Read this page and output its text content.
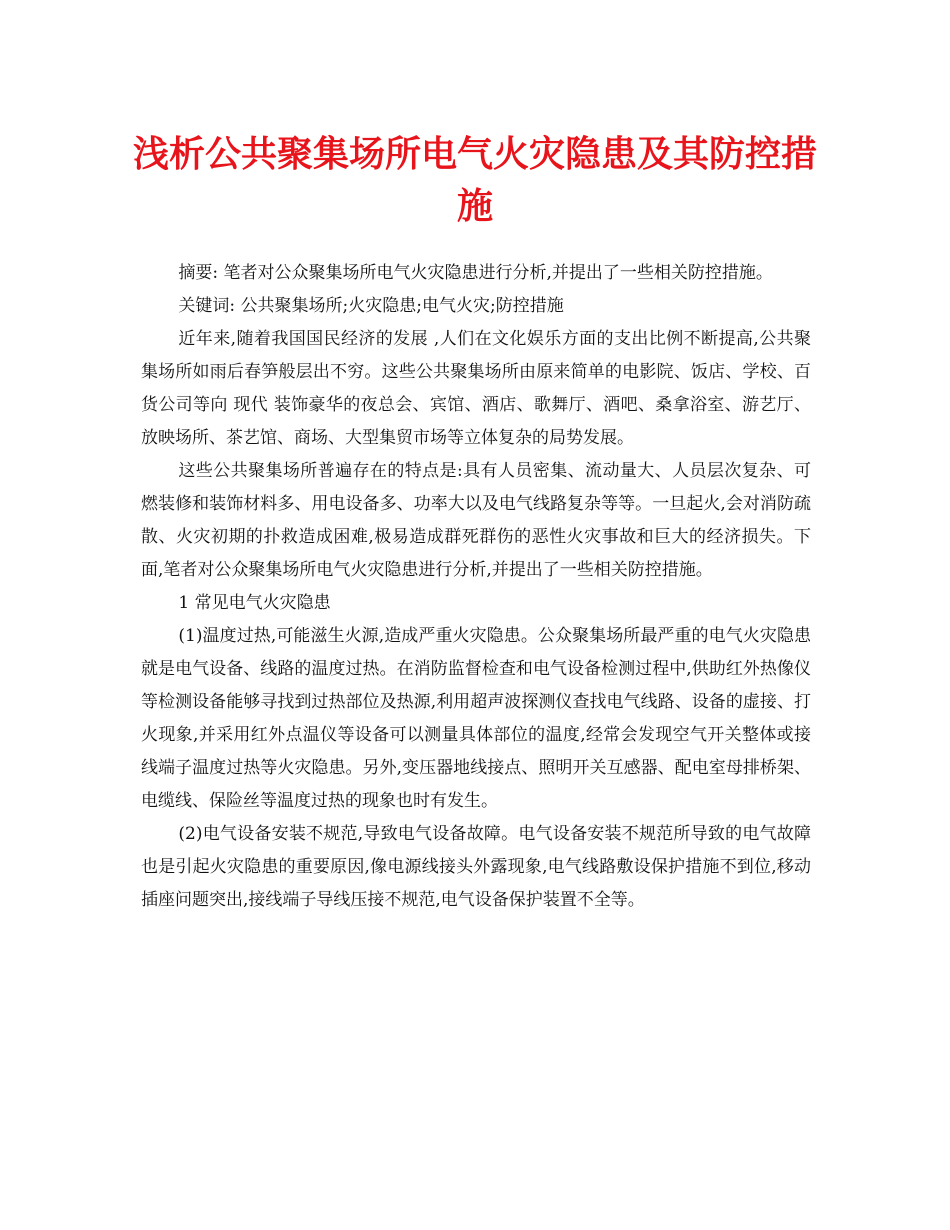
浅析公共聚集场所电气火灾隐患及其防控措施

摘要: 笔者对公众聚集场所电气火灾隐患进行分析,并提出了一些相关防控措施。

关键词: 公共聚集场所;火灾隐患;电气火灾;防控措施

近年来,随着我国国民经济的发展 ,人们在文化娱乐方面的支出比例不断提高,公共聚集场所如雨后春笋般层出不穷。这些公共聚集场所由原来简单的电影院、饭店、学校、百货公司等向 现代 装饰豪华的夜总会、宾馆、酒店、歌舞厅、酒吧、桑拿浴室、游艺厅、放映场所、茶艺馆、商场、大型集贸市场等立体复杂的局势发展。

这些公共聚集场所普遍存在的特点是:具有人员密集、流动量大、人员层次复杂、可燃装修和装饰材料多、用电设备多、功率大以及电气线路复杂等等。一旦起火,会对消防疏散、火灾初期的扑救造成困难,极易造成群死群伤的恶性火灾事故和巨大的经济损失。下面,笔者对公众聚集场所电气火灾隐患进行分析,并提出了一些相关防控措施。

1 常见电气火灾隐患

(1)温度过热,可能滋生火源,造成严重火灾隐患。公众聚集场所最严重的电气火灾隐患就是电气设备、线路的温度过热。在消防监督检查和电气设备检测过程中,供助红外热像仪等检测设备能够寻找到过热部位及热源,利用超声波探测仪查找电气线路、设备的虚接、打火现象,并采用红外点温仪等设备可以测量具体部位的温度,经常会发现空气开关整体或接线端子温度过热等火灾隐患。另外,变压器地线接点、照明开关互感器、配电室母排桥架、电缆线、保险丝等温度过热的现象也时有发生。

(2)电气设备安装不规范,导致电气设备故障。电气设备安装不规范所导致的电气故障也是引起火灾隐患的重要原因,像电源线接头外露现象,电气线路敷设保护措施不到位,移动插座问题突出,接线端子导线压接不规范,电气设备保护装置不全等。
